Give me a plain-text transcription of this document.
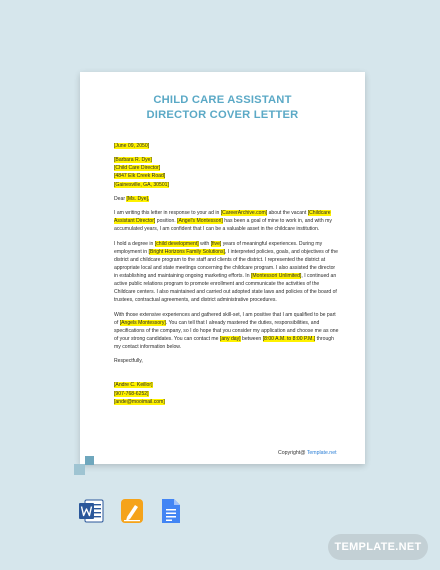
CHILD CARE ASSISTANT
DIRECTOR COVER LETTER

[June 09, 2050]

[Barbara R. Dye]
[Child Care Director]
[4847 Elk Creek Road]
[Gainesville, GA, 30501]

Dear [Ms. Dye],

I am writing this letter in response to your ad in [CareerArchive.com] about the vacant [Childcare Assistant Director] position. [Angel's Montessori] has been a goal of mine to work in, and with my accumulated years, I am confident that I can be a valuable asset in the childcare institution.

I hold a degree in [child development] with [five] years of meaningful experiences. During my employment in [Bright Horizons Family Solutions], I interpreted policies, goals, and objectives of the district and childcare program to the staff and clients of the district. I represented the district at appropriate local and state meetings concerning the childcare program. I also assisted the director in establishing and maintaining ongoing marketing efforts. In [Montessori Unlimited], I continued an active public relations program to promote enrollment and communicate the activities of the Childcare centers. I also maintained and carried out adopted state laws and policies of the board of trustees, contractual agreements, and district administrative procedures.

With those extensive experiences and gathered skill-set, I am positive that I am qualified to be part of [Angels Montessory]. You can tell that I already mastered the duties, responsibilities, and specifications of the company, so I do hope that you consider my application and choose me as one of your strong candidates. You can contact me [any day] between [8:00 A.M. to 8:00 P.M.] through my contact information below.

Respectfully,

[Andre C. Keillor]
[907-768-6252]
[ande@mooimail.com]
Copyright@ Template.net
TEMPLATE.NET
